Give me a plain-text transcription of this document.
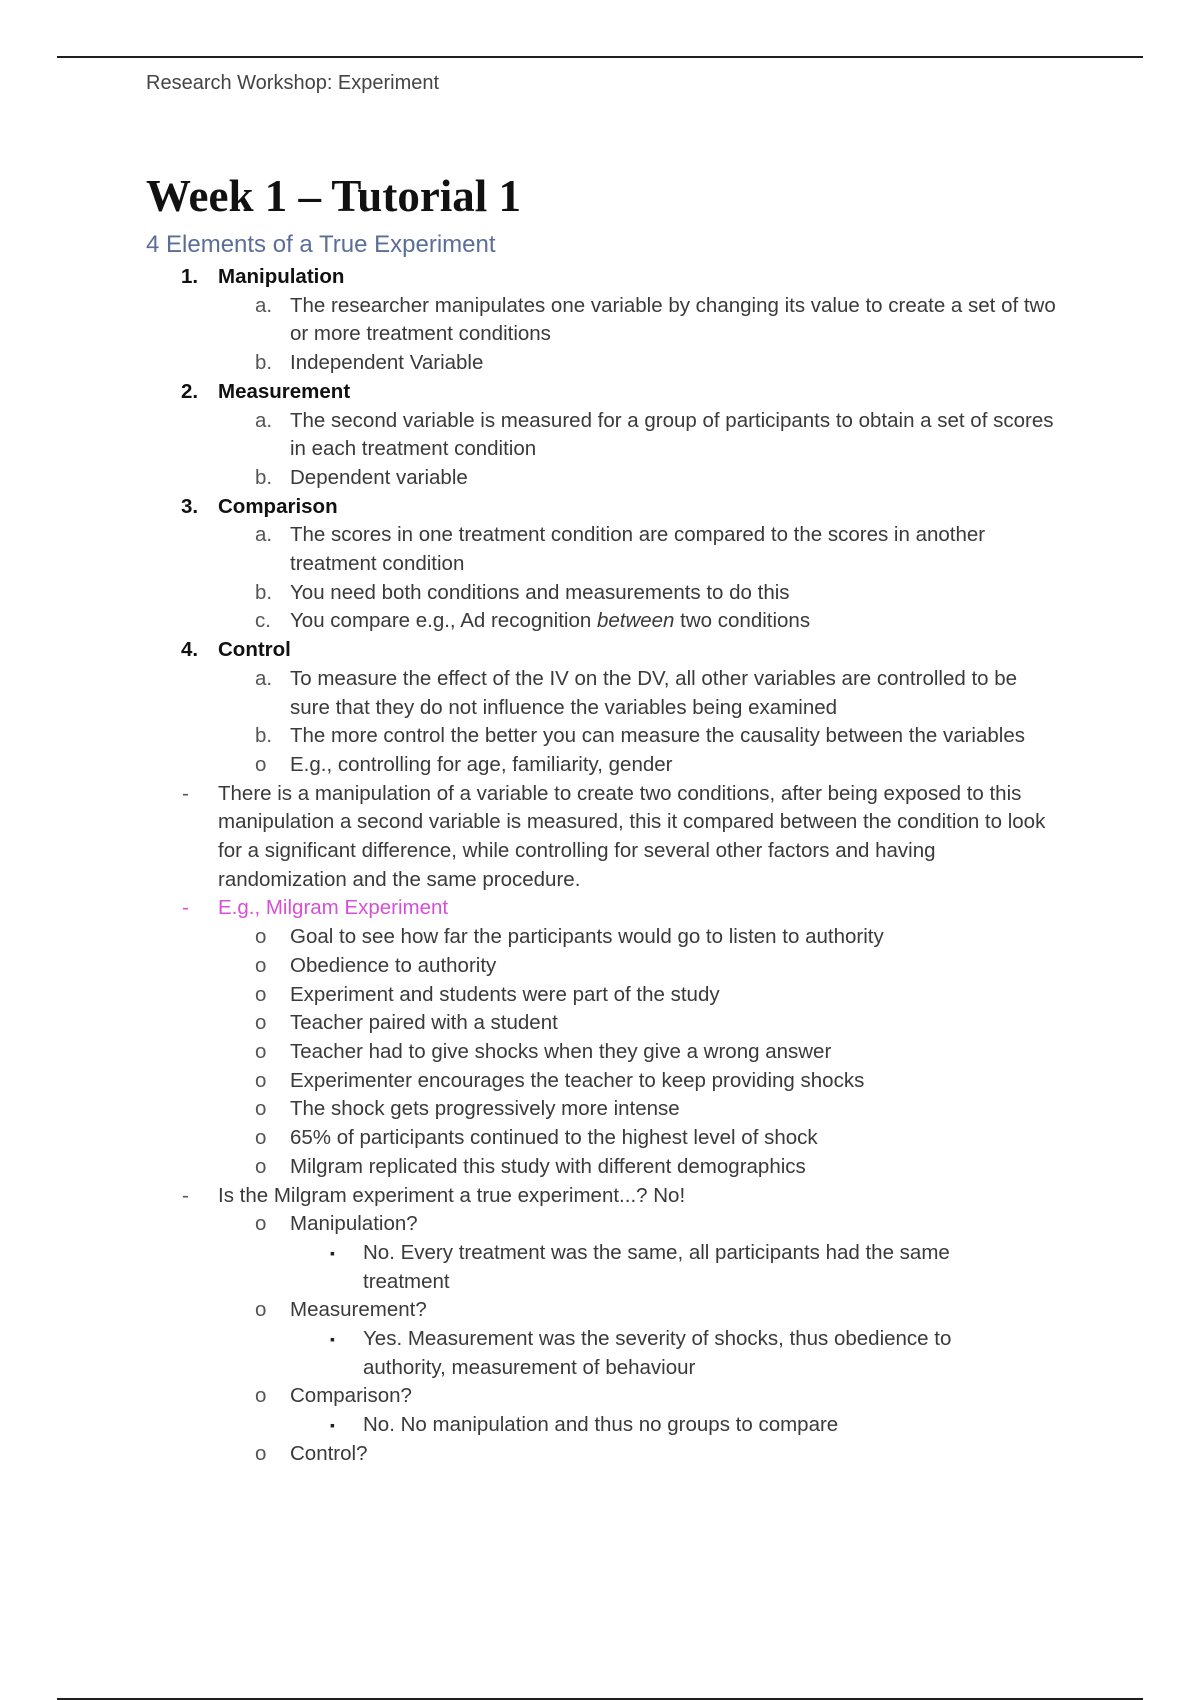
Research Workshop: Experiment
Week 1 – Tutorial 1
4 Elements of a True Experiment
1. Manipulation
a. The researcher manipulates one variable by changing its value to create a set of two or more treatment conditions
b. Independent Variable
2. Measurement
a. The second variable is measured for a group of participants to obtain a set of scores in each treatment condition
b. Dependent variable
3. Comparison
a. The scores in one treatment condition are compared to the scores in another treatment condition
b. You need both conditions and measurements to do this
c. You compare e.g., Ad recognition between two conditions
4. Control
a. To measure the effect of the IV on the DV, all other variables are controlled to be sure that they do not influence the variables being examined
b. The more control the better you can measure the causality between the variables
o E.g., controlling for age, familiarity, gender
- There is a manipulation of a variable to create two conditions, after being exposed to this manipulation a second variable is measured, this it compared between the condition to look for a significant difference, while controlling for several other factors and having randomization and the same procedure.
- E.g., Milgram Experiment
o Goal to see how far the participants would go to listen to authority
o Obedience to authority
o Experiment and students were part of the study
o Teacher paired with a student
o Teacher had to give shocks when they give a wrong answer
o Experimenter encourages the teacher to keep providing shocks
o The shock gets progressively more intense
o 65% of participants continued to the highest level of shock
o Milgram replicated this study with different demographics
- Is the Milgram experiment a true experiment...? No!
o Manipulation?
▪ No. Every treatment was the same, all participants had the same treatment
o Measurement?
▪ Yes. Measurement was the severity of shocks, thus obedience to authority, measurement of behaviour
o Comparison?
▪ No. No manipulation and thus no groups to compare
o Control?
